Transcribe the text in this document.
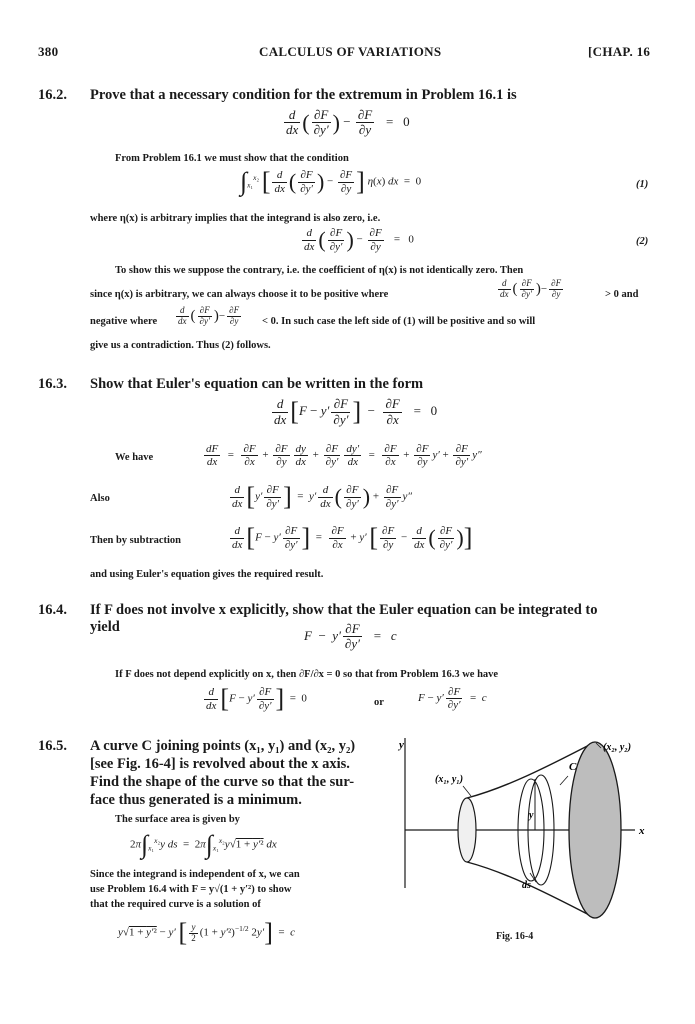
380	CALCULUS OF VARIATIONS	[CHAP. 16
16.2. Prove that a necessary condition for the extremum in Problem 16.1 is
$\frac{d}{dx}$ ( $\frac{\partial F}{\partial y'}$ ) − $\frac{\partial F}{\partial y} = 0$
From Problem 16.1 we must show that the condition
$\int_{x_1}^{x_2}$ [ $\frac{d}{dx}$ ( $\frac{\partial F}{\partial y'}$ ) − $\frac{\partial F}{\partial y}$ ] η(x) dx  =  0	(1)
where η(x) is arbitrary implies that the integrand is also zero, i.e.
$\frac{d}{dx}$ ( $\frac{\partial F}{\partial y'}$ ) − $\frac{\partial F}{\partial y} = 0$	(2)
To show this we suppose the contrary, i.e. the coefficient of η(x) is not identically zero. Then
since η(x) is arbitrary, we can always choose it to be positive where	$\frac{d}{dx}$ ( $\frac{\partial F}{\partial y'}$ )− $\frac{\partial F}{\partial y}$	> 0 and
negative where $\frac{d}{dx}$ ( $\frac{\partial F}{\partial y'}$ )− $\frac{\partial F}{\partial y} < 0$. In such case the left side of (1) will be positive and so will
give us a contradiction. Thus (2) follows.
16.3. Show that Euler's equation can be written in the form
$\frac{d}{dx} [F - y' \frac{\partial F}{\partial y'}$ ]  − $\frac{\partial F}{\partial x} = 0$
We have	$\frac{dF}{dx} = \frac{\partial F}{\partial x} + \frac{\partial F}{\partial y} \frac{dy}{dx} + \frac{\partial F}{\partial y'} \frac{dy'}{dx} = \frac{\partial F}{\partial x} + \frac{\partial F}{\partial y} y' + \frac{\partial F}{\partial y'} y''$
Also	$\frac{d}{dx} [y' \frac{\partial F}{\partial y'}$ ]  =  $y' \frac{d}{dx}$ ( $\frac{\partial F}{\partial y'}$ ) + $\frac{\partial F}{\partial y'} y''$
Then by subtraction	$\frac{d}{dx} [F - y' \frac{\partial F}{\partial y'}$ ]  = $\frac{\partial F}{\partial x} + y'$ [ $\frac{\partial F}{\partial y} - \frac{d}{dx}$ ( $\frac{\partial F}{\partial y'}$ )]
and using Euler's equation gives the required result.
16.4. If F does not involve x explicitly, show that the Euler equation can be integrated to
yield
$F - y' \frac{\partial F}{\partial y'} = c$
If F does not depend explicitly on x, then ∂F/∂x = 0 so that from Problem 16.3 we have
$\frac{d}{dx} [F - y' \frac{\partial F}{\partial y'}$ ]  =  0	or	$F - y' \frac{\partial F}{\partial y'} = c$
16.5. A curve C joining points (x₁, y₁) and (x₂, y₂)
[see Fig. 16-4] is revolved about the x axis.
Find the shape of the curve so that the sur-
face thus generated is a minimum.
The surface area is given by
$2\pi\int_{x_1}^{x_2}y$ ds  =  $2\pi\int_{x_1}^{x_2}y√1 + y'^2$ dx
Since the integrand is independent of x, we can
use Problem 16.4 with F = y√(1 + y′²) to show
that the required curve is a solution of
y√1 + y′² − y′ [ $\frac{y}{2} (1 + y'^2)^{-1/2}$ 2y′]  =  c
y
x
C
(x₁, y₁)
(x₂, y₂)
y
ds
Fig. 16-4
